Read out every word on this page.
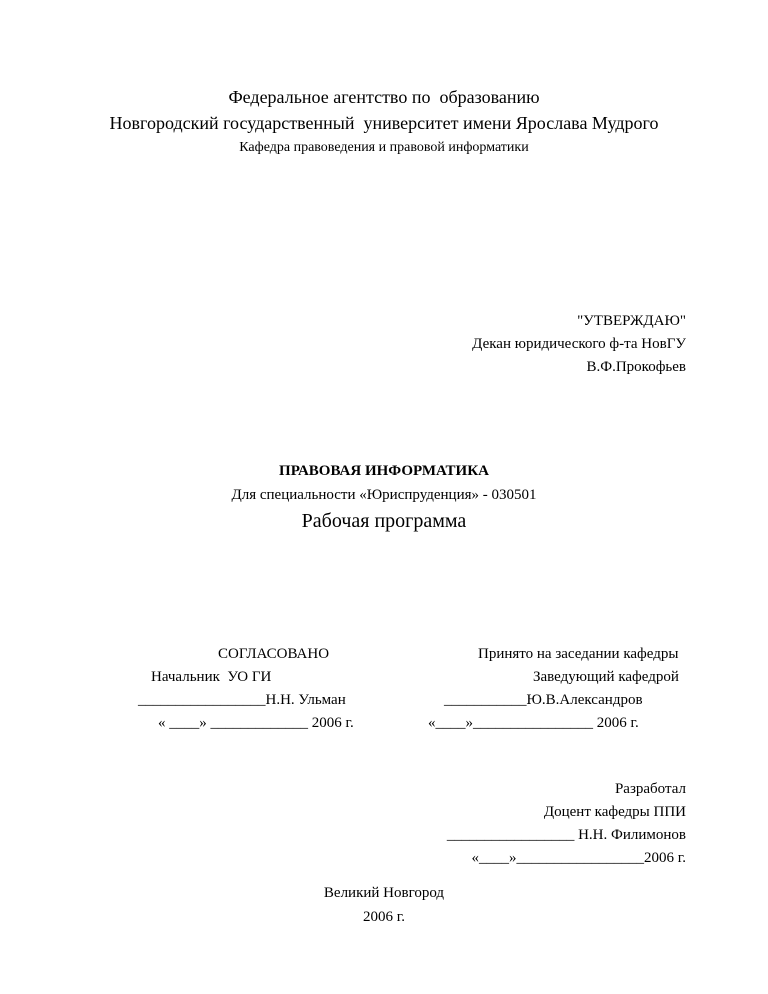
Федеральное агентство по  образованию
Новгородский государственный  университет имени Ярослава Мудрого
Кафедра правоведения и правовой информатики
"УТВЕРЖДАЮ"
Декан юридического ф-та НовГУ
В.Ф.Прокофьев
ПРАВОВАЯ ИНФОРМАТИКА
Для специальности «Юриспруденция» - 030501
Рабочая программа
СОГЛАСОВАНО
Начальник  УО ГИ
_________________Н.Н. Ульман
« ____» _____________ 2006 г.
Принято на заседании кафедры
Заведующий кафедрой
___________Ю.В.Александров
«____»________________ 2006 г.
Разработал
Доцент кафедры ППИ
_________________ Н.Н. Филимонов
«____»_________________2006 г.
Великий Новгород
2006 г.
